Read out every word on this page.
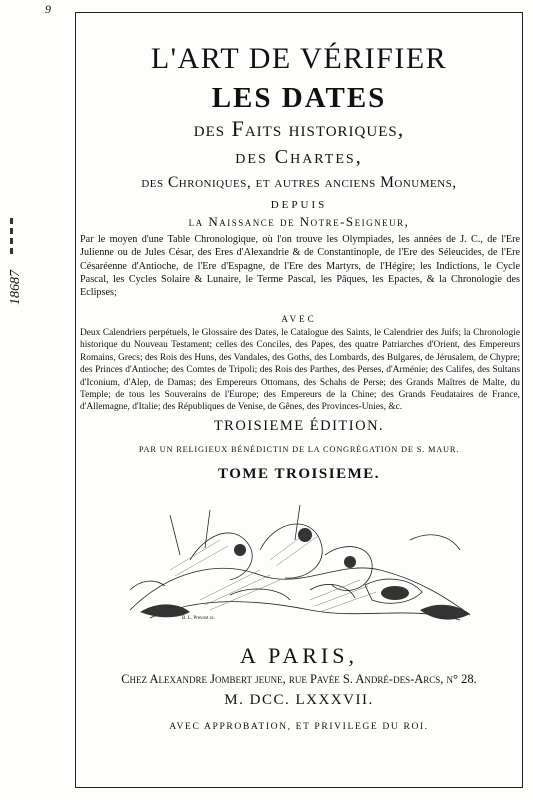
9
18687
L'ART DE VÉRIFIER
LES DATES
des Faits historiques,
des Chartes,
des Chroniques, et autres anciens Monumens,
DEPUIS
la Naissance de Notre-Seigneur,
Par le moyen d'une Table Chronologique, où l'on trouve les Olympiades, les années de J. C., de l'Ere Julienne ou de Jules César, des Eres d'Alexandrie & de Constantinople, de l'Ere des Séleucides, de l'Ere Césaréenne d'Antioche, de l'Ere d'Espagne, de l'Ere des Martyrs, de l'Hégire; les Indictions, le Cycle Pascal, les Cycles Solaire & Lunaire, le Terme Pascal, les Pâques, les Epactes, & la Chronologie des Eclipses;
AVEC
Deux Calendriers perpétuels, le Glossaire des Dates, le Catalogue des Saints, le Calendrier des Juifs; la Chronologie historique du Nouveau Testament; celles des Conciles, des Papes, des quatre Patriarches d'Orient, des Empereurs Romains, Grecs; des Rois des Huns, des Vandales, des Goths, des Lombards, des Bulgares, de Jérusalem, de Chypre; des Princes d'Antioche; des Comtes de Tripoli; des Rois des Parthes, des Perses, d'Arménie; des Califes, des Sultans d'Iconium, d'Alep, de Damas; des Empereurs Ottomans, des Schahs de Perse; des Grands Maîtres de Malte, du Temple; de tous les Souverains de l'Europe; des Empereurs de la Chine; des Grands Feudataires de France, d'Allemagne, d'Italie; des Républiques de Venise, de Gênes, des Provinces-Unies, &c.
TROISIEME ÉDITION.
PAR UN RELIGIEUX BÉNÉDICTIN DE LA CONGRÉGATION DE S. MAUR.
TOME TROISIEME.
B. L. Prevost sc.
A PARIS,
Chez Alexandre Jombert jeune, rue Pavée S. André-des-Arcs, n° 28.
M. DCC. LXXXVII.
AVEC APPROBATION, ET PRIVILEGE DU ROI.
